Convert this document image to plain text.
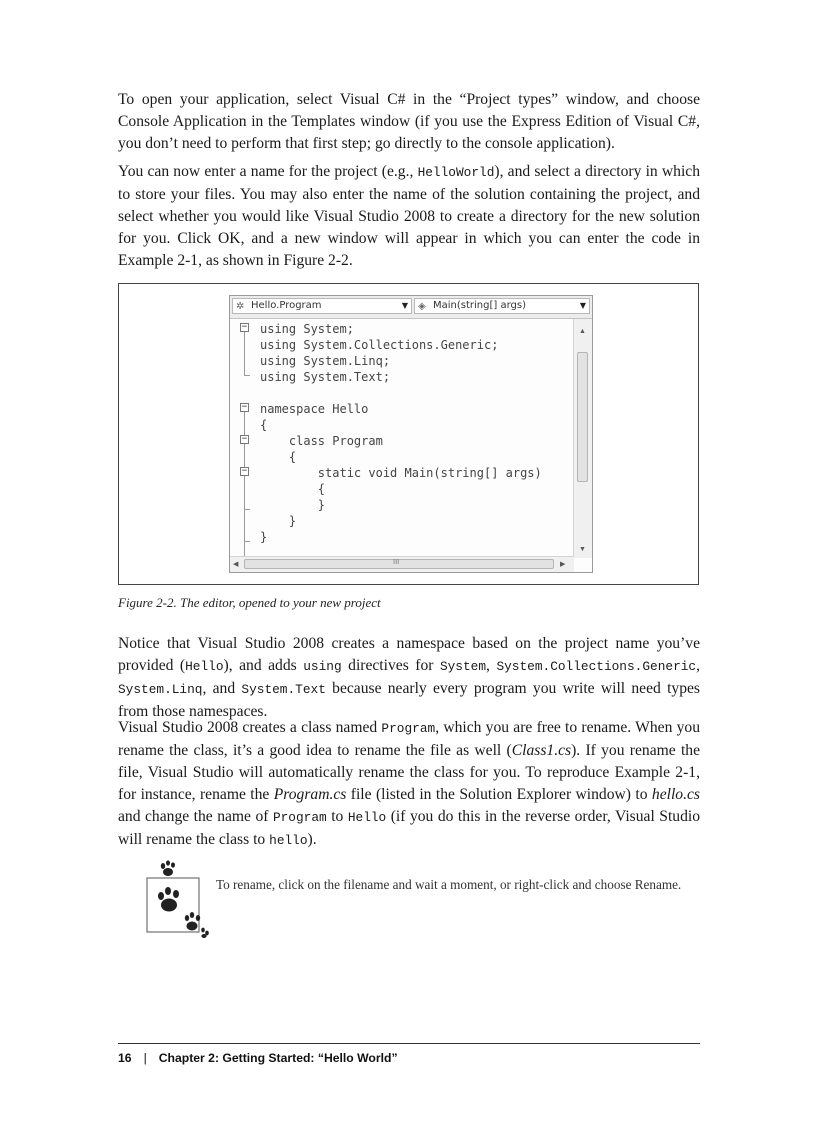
To open your application, select Visual C# in the “Project types” window, and choose Console Application in the Templates window (if you use the Express Edition of Visual C#, you don’t need to perform that first step; go directly to the console application).

You can now enter a name for the project (e.g., HelloWorld), and select a directory in which to store your files. You may also enter the name of the solution containing the project, and select whether you would like Visual Studio 2008 to create a directory for the new solution for you. Click OK, and a new window will appear in which you can enter the code in Example 2-1, as shown in Figure 2-2.

✲ Hello.Program	▼ ◈ Main(string[] args)	▼
−
−
−
−
using System;
using System.Collections.Generic;
using System.Linq;
using System.Text;
namespace Hello
{
class Program
{
static void Main(string[] args)
{
}
}
}
▲
▼
◀	III	▶
Figure 2-2. The editor, opened to your new project

Notice that Visual Studio 2008 creates a namespace based on the project name you’ve provided (Hello), and adds using directives for System, System.Collections.Generic, System.Linq, and System.Text because nearly every program you write will need types from those namespaces.

Visual Studio 2008 creates a class named Program, which you are free to rename. When you rename the class, it’s a good idea to rename the file as well (Class1.cs). If you rename the file, Visual Studio will automatically rename the class for you. To reproduce Example 2-1, for instance, rename the Program.cs file (listed in the Solution Explorer window) to hello.cs and change the name of Program to Hello (if you do this in the reverse order, Visual Studio will rename the class to hello).

To rename, click on the filename and wait a moment, or right-click and choose Rename.
16 | Chapter 2: Getting Started: “Hello World”
